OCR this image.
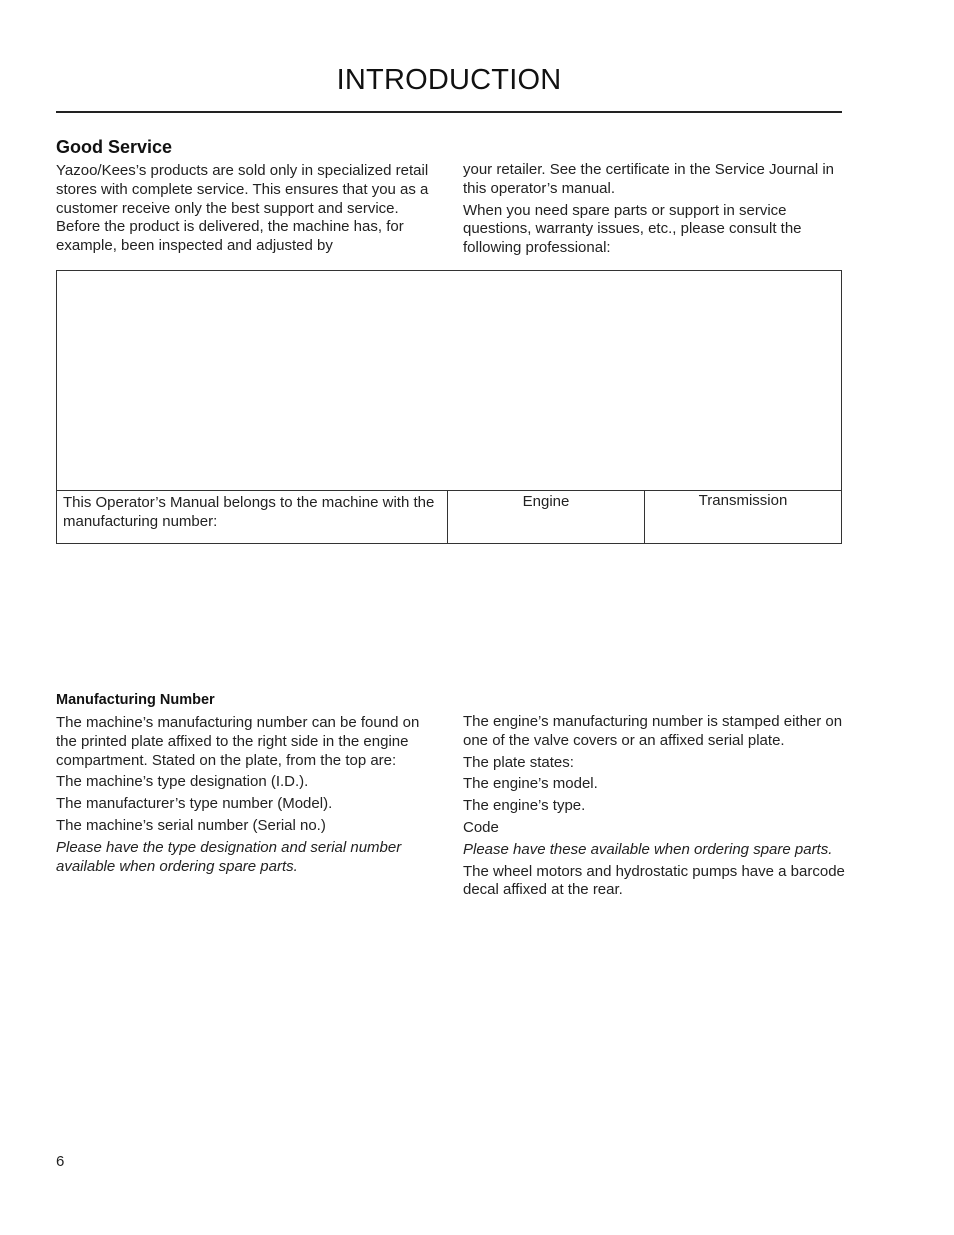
INTRODUCTION
Good Service

Yazoo/Kees’s products are sold only in specialized retail stores with complete service. This ensures that you as a customer receive only the best support and service. Before the product is delivered, the machine has, for example, been inspected and adjusted by

your retailer. See the certificate in the Service Journal in this operator’s manual.

When you need spare parts or support in service questions, warranty issues, etc., please consult the following professional:

This Operator’s Manual belongs to the machine with the manufacturing number:
Engine	Transmission
Manufacturing Number

The machine’s manufacturing number can be found on the printed plate affixed to the right side in the engine compartment. Stated on the plate, from the top are:

The machine’s type designation (I.D.).

The manufacturer’s type number (Model).

The machine’s serial number (Serial no.)

Please have the type designation and serial number available when ordering spare parts.

The engine’s manufacturing number is stamped either on one of the valve covers or an affixed serial plate.

The plate states:

The engine’s model.

The engine’s type.

Code

Please have these available when ordering spare parts.

The wheel motors and hydrostatic pumps have a barcode decal affixed at the rear.

6
